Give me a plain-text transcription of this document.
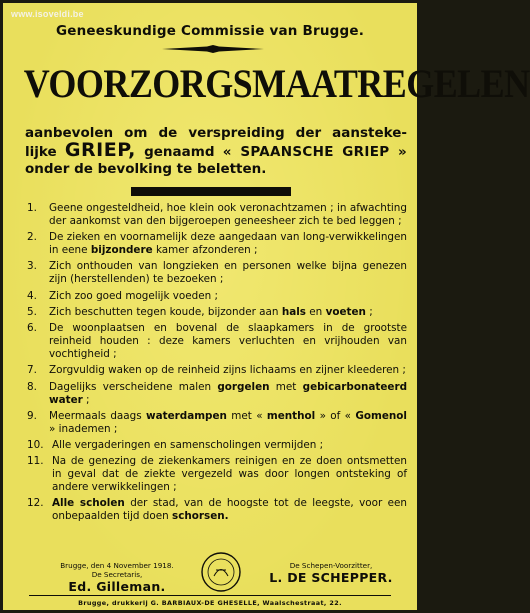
www.isoveldi.be
Geneeskundige Commissie van Brugge.
VOORZORGSMAATREGELEN
aanbevolen om de verspreiding der aansteke-lijke GRIEP, genaamd « SPAANSCHE GRIEP » onder de bevolking te beletten.
1. Geene ongesteldheid, hoe klein ook veronachtzamen ; in afwachting der aankomst van den bijgeroepen geneesheer zich te bed leggen ;
2. De zieken en voornamelijk deze aangedaan van long-verwikkelingen in eene bijzondere kamer afzonderen ;
3. Zich onthouden van longzieken en personen welke bijna genezen zijn (herstellenden) te bezoeken ;
4. Zich zoo goed mogelijk voeden ;
5. Zich beschutten tegen koude, bijzonder aan hals en voeten ;
6. De woonplaatsen en bovenal de slaapkamers in de grootste reinheid houden : deze kamers verluchten en vrijhouden van vochtigheid ;
7. Zorgvuldig waken op de reinheid zijns lichaams en zijner kleederen ;
8. Dagelijks verscheidene malen gorgelen met gebicarbonateerd water ;
9. Meermaals daags waterdampen met « menthol » of « Gomenol » inademen ;
10. Alle vergaderingen en samenscholingen vermijden ;
11. Na de genezing de ziekenkamers reinigen en ze doen ontsmetten in geval dat de ziekte vergezeld was door longen ontsteking of andere verwikkelingen ;
12. Alle scholen der stad, van de hoogste tot de leegste, voor een onbepaalden tijd doen schorsen.
Brugge, den 4 November 1918.
De Secretaris,
Ed. Gilleman.
De Schepen-Voorzitter,
L. DE SCHEPPER.
Brugge, drukkerij G. BARBIAUX-DE GHESELLE, Waalschestraat, 22.
